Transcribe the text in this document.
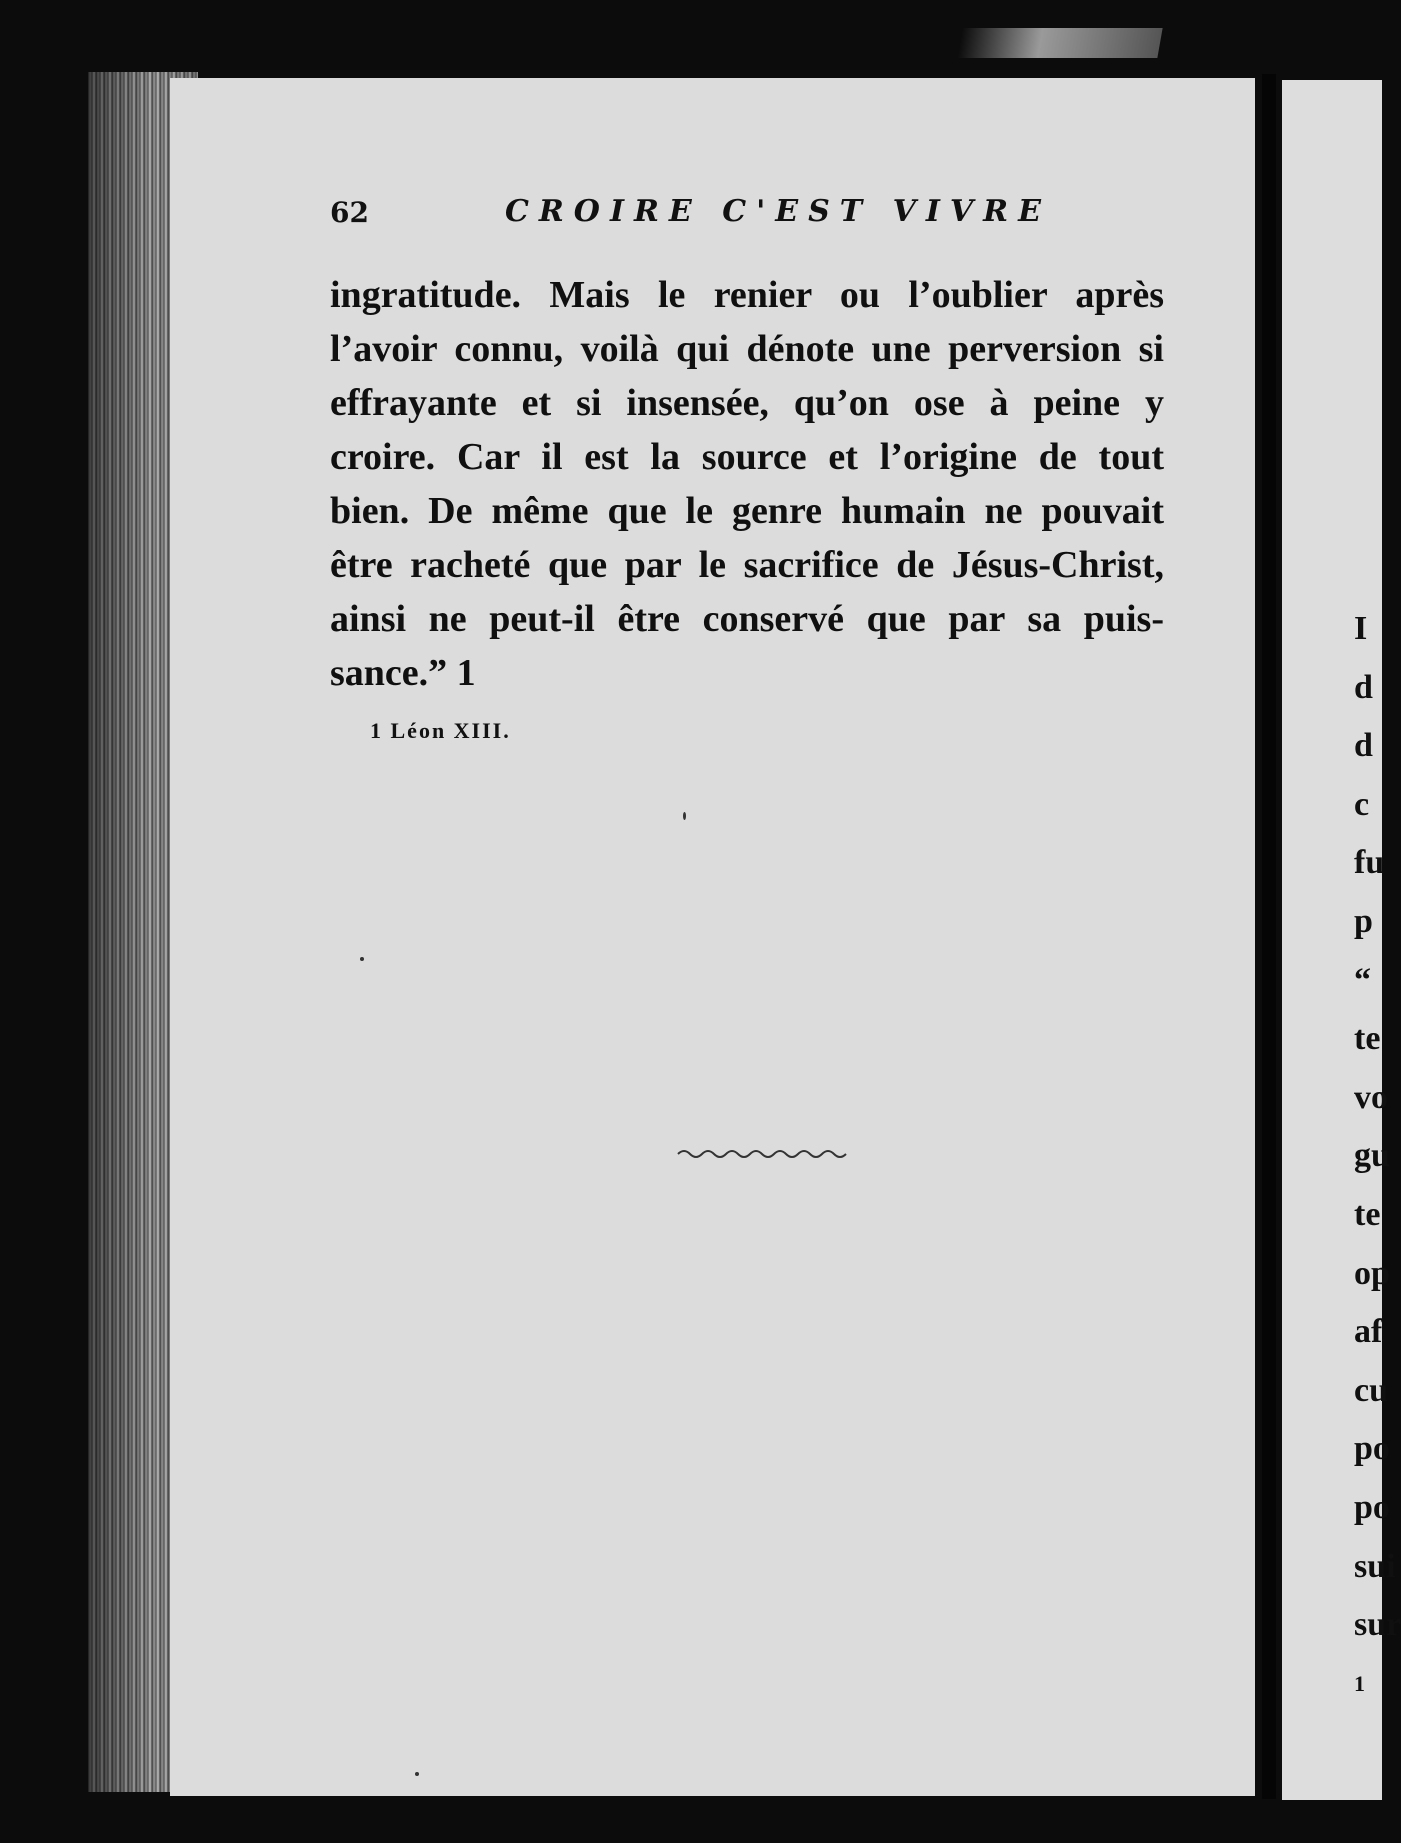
62	CROIRE C'EST VIVRE
ingratitude. Mais le renier ou l’oublier après
l’avoir connu, voilà qui dénote une perversion si
effrayante et si insensée, qu’on ose à peine y
croire. Car il est la source et l’origine de tout
bien. De même que le genre humain ne pouvait
être racheté que par le sacrifice de Jésus-Christ,
ainsi ne peut-il être conservé que par sa puis-
sance.” 1
1 Léon XIII.
I
d
d
c
fu
p
“
te
vo
gu
te
op
af
cu
po
po
sui
sur
1
